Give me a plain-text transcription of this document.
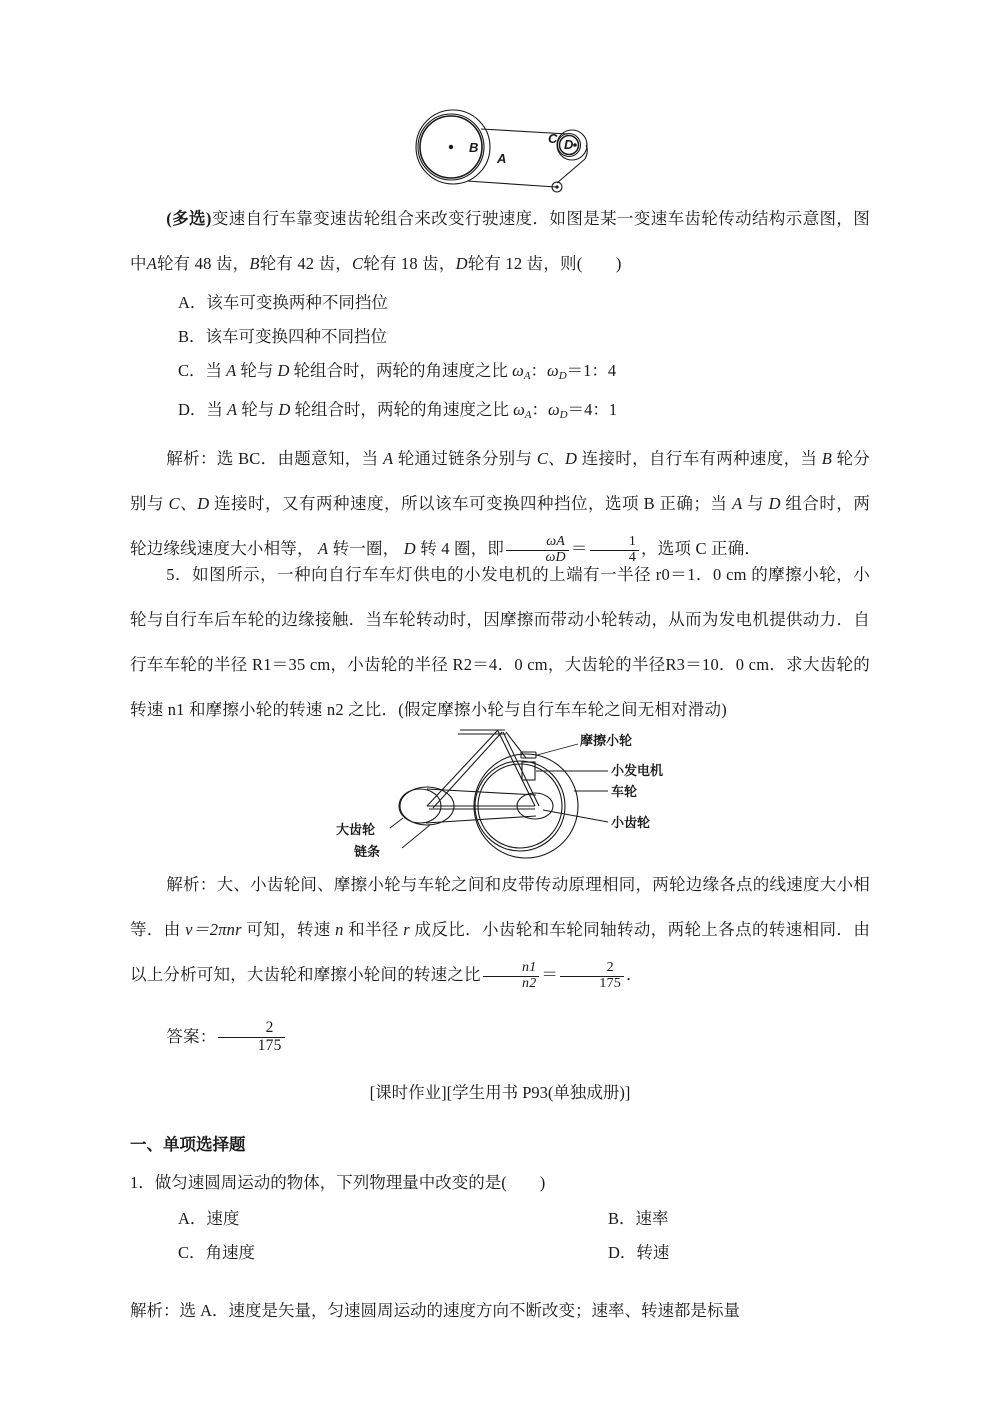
A
B
C D
摩擦小轮
小发电机
车轮
小齿轮
大齿轮
链条
(多选)变速自行车靠变速齿轮组合来改变行驶速度．如图是某一变速车齿轮传动结构示意图，图中A轮有 48 齿，B轮有 42 齿，C轮有 18 齿，D轮有 12 齿，则(　　)
A．该车可变换两种不同挡位
B．该车可变换四种不同挡位
C．当 A 轮与 D 轮组合时，两轮的角速度之比 $\omega_A$：$\omega_D=1$：4
D．当 A 轮与 D 轮组合时，两轮的角速度之比 $\omega_A$：$\omega_D=4$：1
解析：选 BC．由题意知，当 A 轮通过链条分别与 C、D 连接时，自行车有两种速度，当 B 轮分别与 C、D 连接时，又有两种速度，所以该车可变换四种挡位，选项 B 正确；当 A 与 D 组合时，两轮边缘线速度大小相等， A 转一圈， D 转 4 圈，即 $\frac{\omega A}{\omega D} = \frac{1}{4}$ ，选项 C 正确．
5．如图所示，一种向自行车车灯供电的小发电机的上端有一半径 r0＝1．0 cm 的摩擦小轮，小轮与自行车后车轮的边缘接触．当车轮转动时，因摩擦而带动小轮转动，从而为发电机提供动力．自行车车轮的半径 R1＝35 cm，小齿轮的半径 R2＝4．0 cm，大齿轮的半径R3＝10．0 cm．求大齿轮的转速 n1 和摩擦小轮的转速 n2 之比．(假定摩擦小轮与自行车车轮之间无相对滑动)
解析：大、小齿轮间、摩擦小轮与车轮之间和皮带传动原理相同，两轮边缘各点的线速度大小相等．由 v＝2πnr 可知，转速 n 和半径 r 成反比．小齿轮和车轮同轴转动，两轮上各点的转速相同．由以上分析可知，大齿轮和摩擦小轮间的转速之比 $\frac{n1}{n2} = \frac{2}{175}$ ．
答案： $\frac{2}{175}$
[课时作业][学生用书 P93(单独成册)]
一、单项选择题
1．做匀速圆周运动的物体，下列物理量中改变的是(　　)
A．速度	B．速率
C．角速度	D．转速
解析：选 A．速度是矢量，匀速圆周运动的速度方向不断改变；速率、转速都是标量
